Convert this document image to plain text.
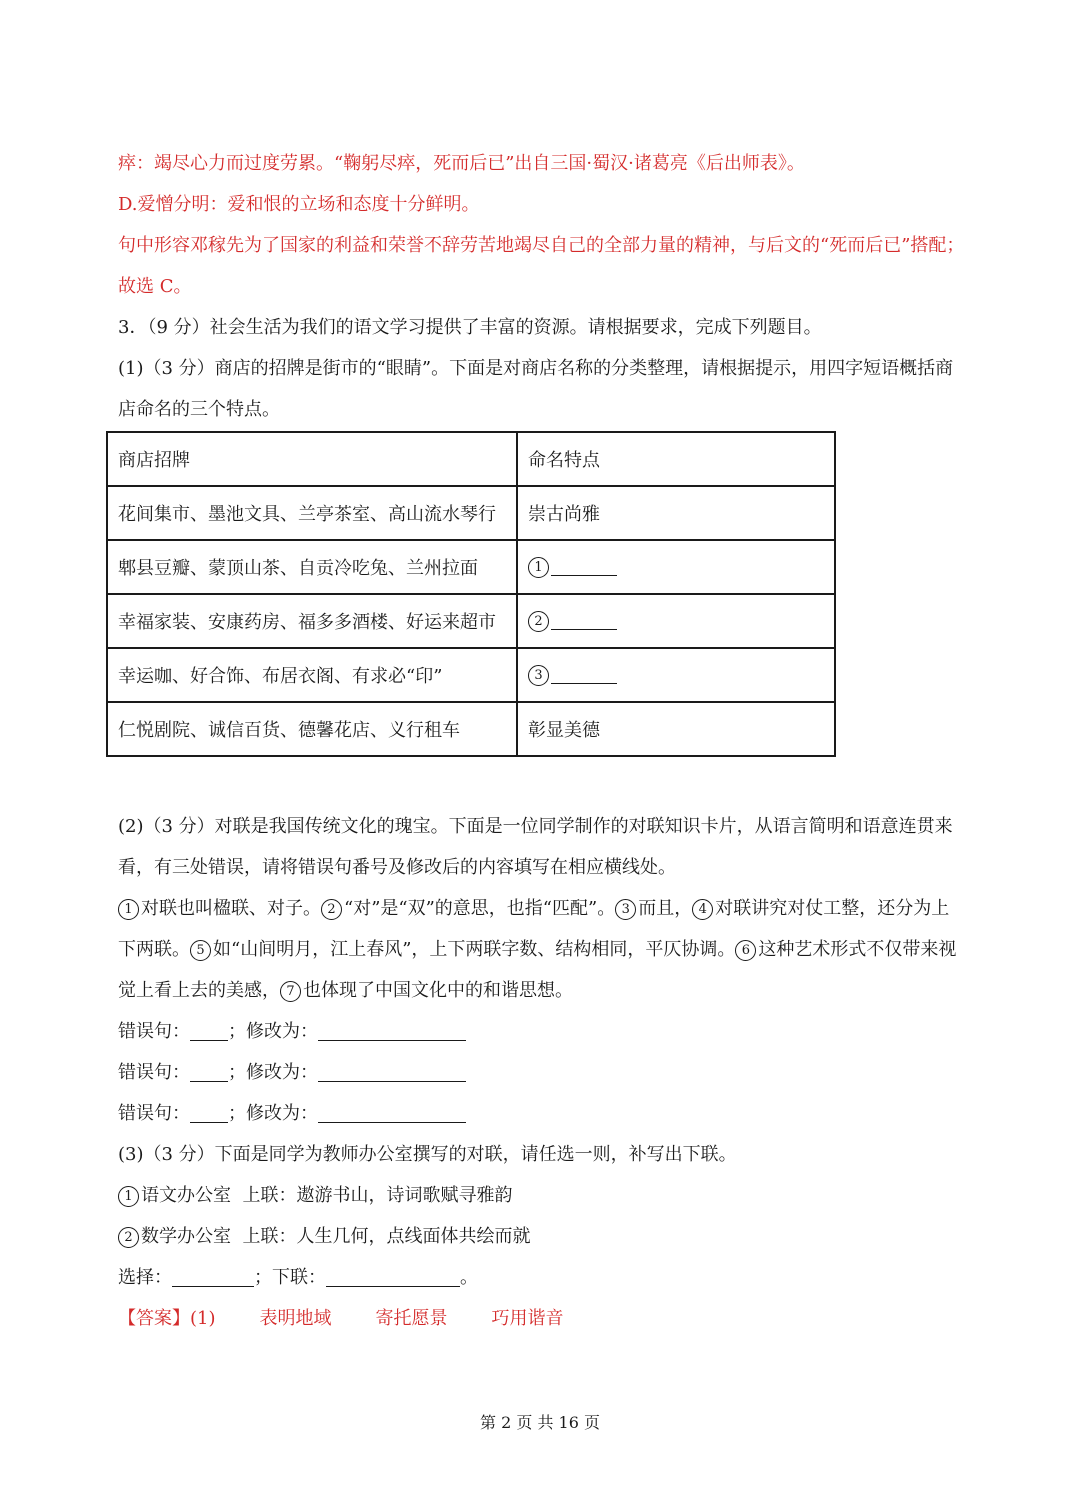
瘁：竭尽心力而过度劳累。“鞠躬尽瘁，死而后已”出自三国·蜀汉·诸葛亮《后出师表》。
D.爱憎分明：爱和恨的立场和态度十分鲜明。
句中形容邓稼先为了国家的利益和荣誉不辞劳苦地竭尽自己的全部力量的精神，与后文的“死而后已”搭配；
故选 C。
3．（9 分）社会生活为我们的语文学习提供了丰富的资源。请根据要求，完成下列题目。
(1)（3 分）商店的招牌是街市的“眼睛”。下面是对商店名称的分类整理，请根据提示，用四字短语概括商
店命名的三个特点。
商店招牌	命名特点
花间集市、墨池文具、兰亭茶室、高山流水琴行	崇古尚雅
郫县豆瓣、蒙顶山茶、自贡冷吃兔、兰州拉面	1
幸福家装、安康药房、福多多酒楼、好运来超市	2
幸运咖、好合饰、布居衣阁、有求必“印”	3
仁悦剧院、诚信百货、德馨花店、义行租车	彰显美德
(2)（3 分）对联是我国传统文化的瑰宝。下面是一位同学制作的对联知识卡片，从语言简明和语意连贯来
看，有三处错误，请将错误句番号及修改后的内容填写在相应横线处。
1 对联也叫楹联、对子。 2 “对”是“双”的意思，也指“匹配”。 3 而且， 4 对联讲究对仗工整，还分为上
下两联。 5 如“山间明月，江上春风”，上下两联字数、结构相同，平仄协调。 6 这种艺术形式不仅带来视
觉上看上去的美感， 7 也体现了中国文化中的和谐思想。
错误句： ；修改为：
错误句： ；修改为：
错误句： ；修改为：
(3)（3 分）下面是同学为教师办公室撰写的对联，请任选一则，补写出下联。
1 语文办公室  上联：遨游书山，诗词歌赋寻雅韵
2 数学办公室  上联：人生几何，点线面体共绘而就
选择：	；下联：	。
【答案】(1) 表明地域 寄托愿景 巧用谐音
第 2 页 共 16 页
